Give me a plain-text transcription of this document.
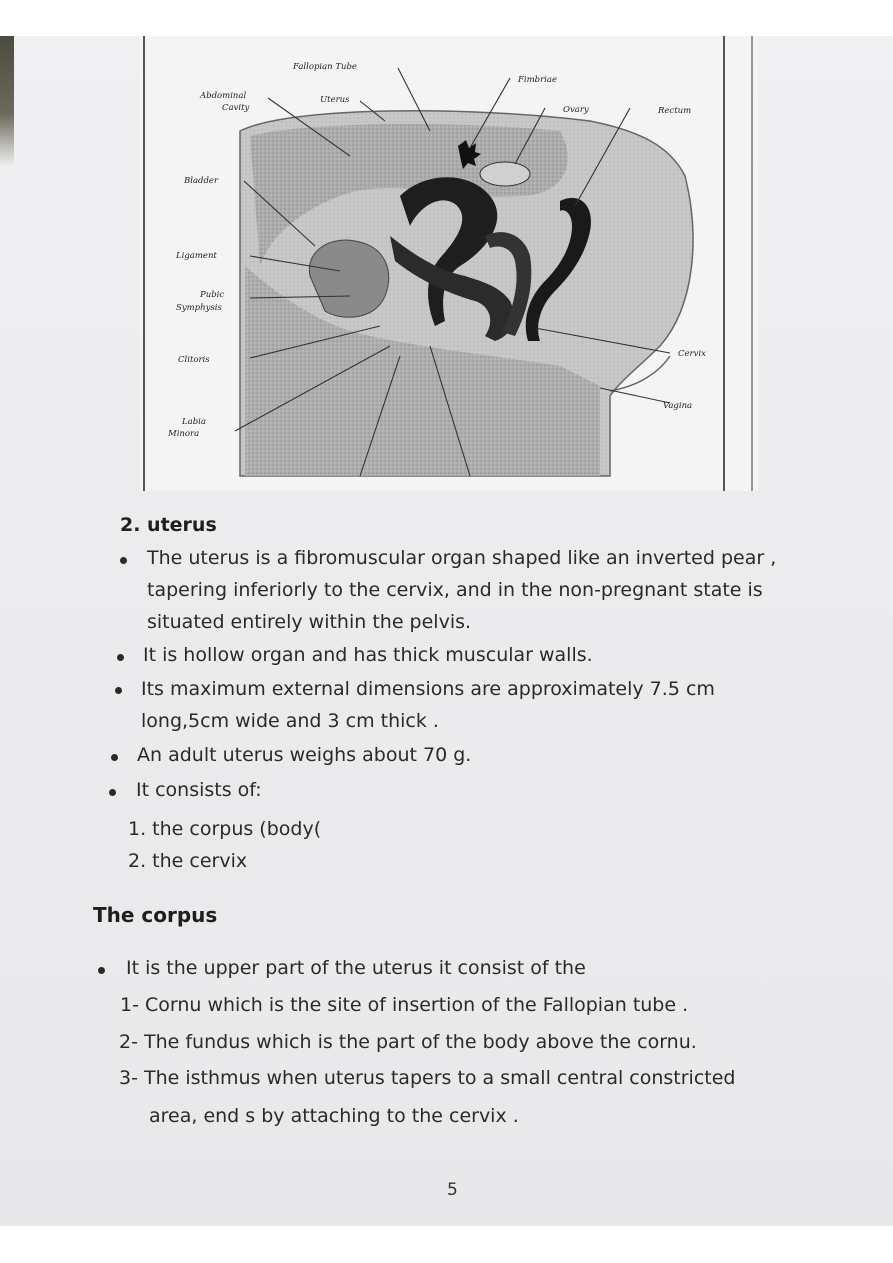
Fallopian Tube
Fimbriae
Abdominal
Cavity
Uterus
Ovary	Rectum
Bladder
Ligament
Pubic
Symphysis
Clitoris
Cervix
Vagina
Labia
Minora
2. uterus
The uterus is a fibromuscular organ shaped like an inverted pear ,
tapering inferiorly to the cervix, and in the non-pregnant state is
situated entirely within the pelvis.
It is hollow organ and has thick muscular walls.
Its maximum external dimensions are approximately 7.5 cm
long,5cm wide and 3 cm thick .
An adult uterus weighs about 70 g.
It consists of:
1. the corpus (body(
2. the cervix
The corpus
It is the upper part of the uterus it consist of the
1- Cornu which is the site of insertion of the Fallopian tube .
2- The fundus which is the part of the body above the cornu.
3- The isthmus when uterus tapers to a small central constricted
area, end s by attaching to the cervix .
5
